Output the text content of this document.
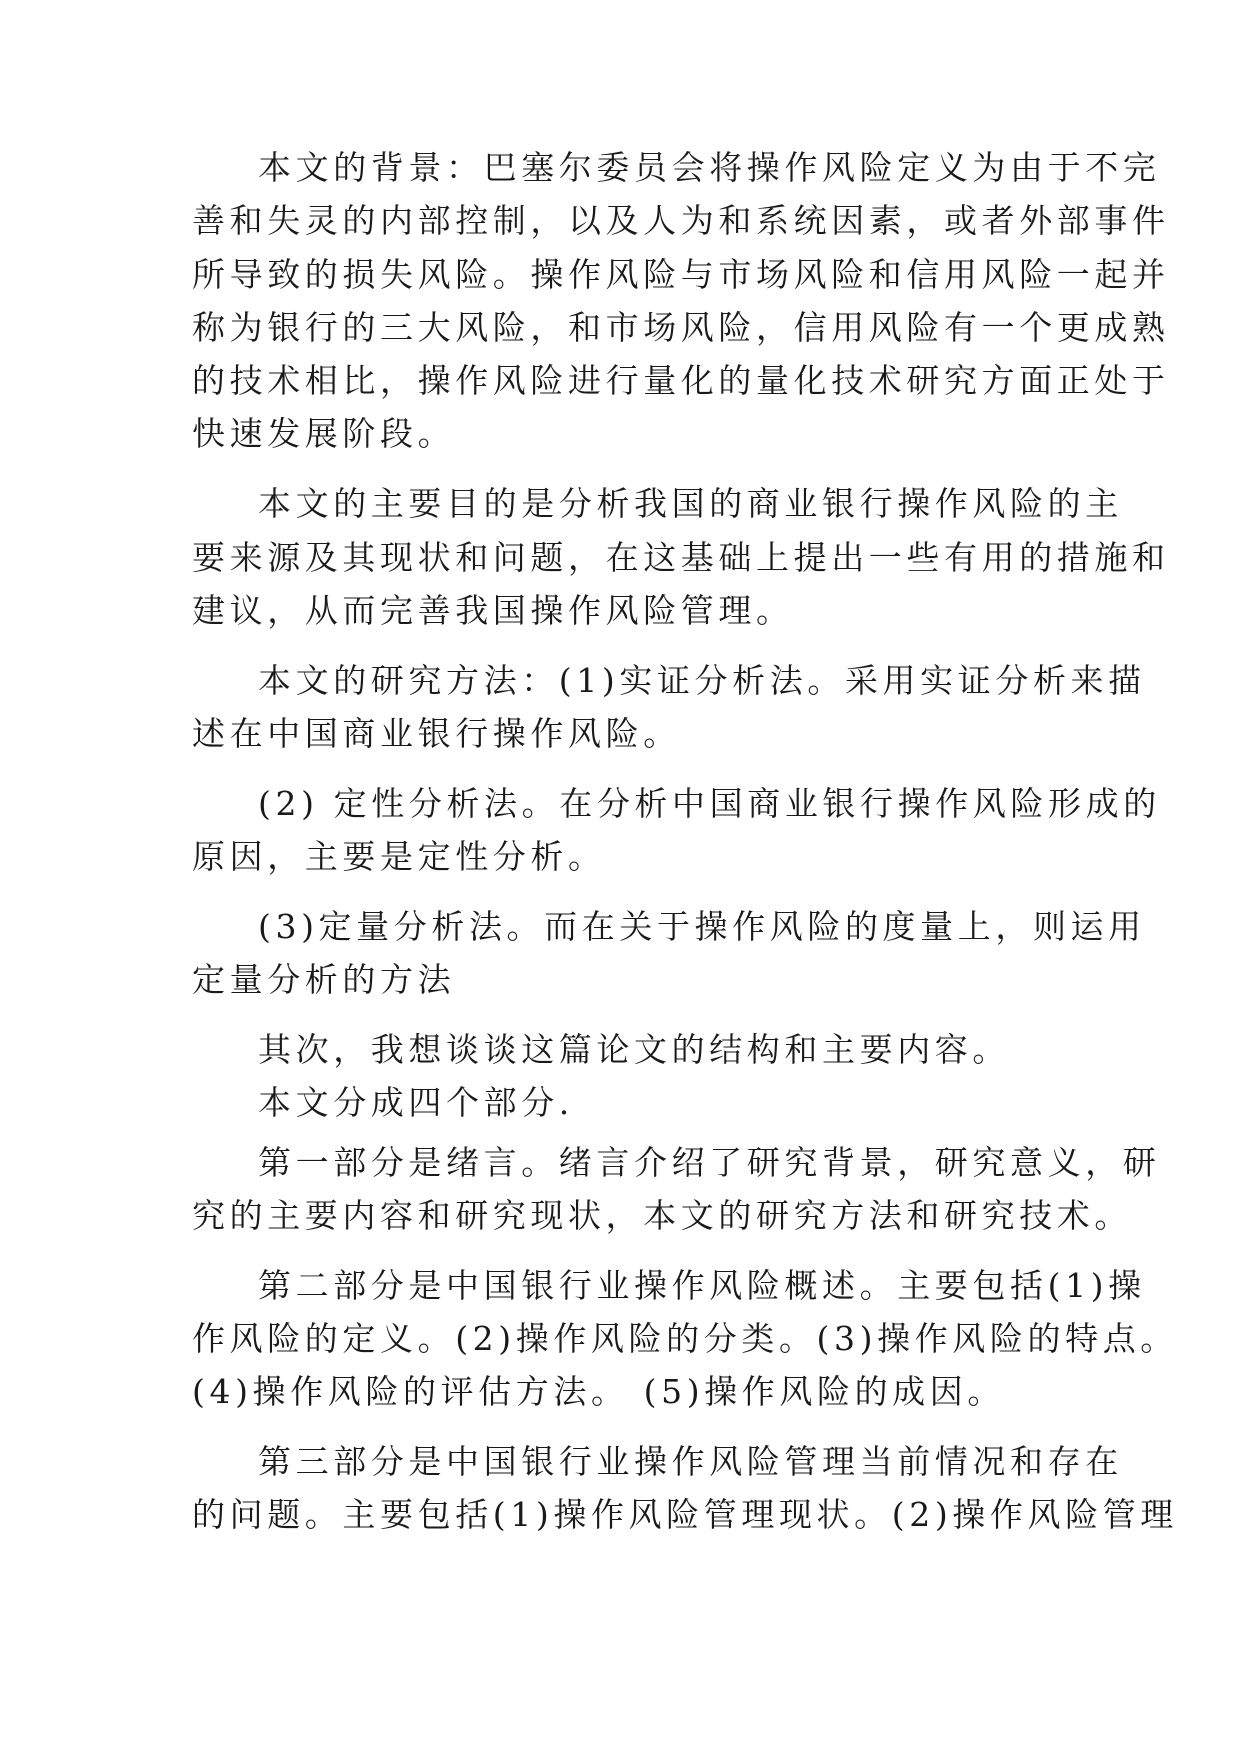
本文的背景：巴塞尔委员会将操作风险定义为由于不完
善和失灵的内部控制，以及人为和系统因素，或者外部事件
所导致的损失风险。操作风险与市场风险和信用风险一起并
称为银行的三大风险，和市场风险，信用风险有一个更成熟
的技术相比，操作风险进行量化的量化技术研究方面正处于
快速发展阶段。
本文的主要目的是分析我国的商业银行操作风险的主
要来源及其现状和问题，在这基础上提出一些有用的措施和
建议，从而完善我国操作风险管理。
本文的研究方法：(1)实证分析法。采用实证分析来描
述在中国商业银行操作风险。
(2) 定性分析法。在分析中国商业银行操作风险形成的
原因，主要是定性分析。
(3)定量分析法。而在关于操作风险的度量上，则运用
定量分析的方法
其次，我想谈谈这篇论文的结构和主要内容。
本文分成四个部分.
第一部分是绪言。绪言介绍了研究背景，研究意义，研
究的主要内容和研究现状，本文的研究方法和研究技术。
第二部分是中国银行业操作风险概述。主要包括(1)操
作风险的定义。(2)操作风险的分类。(3)操作风险的特点。
(4)操作风险的评估方法。 (5)操作风险的成因。
第三部分是中国银行业操作风险管理当前情况和存在
的问题。主要包括(1)操作风险管理现状。(2)操作风险管理
